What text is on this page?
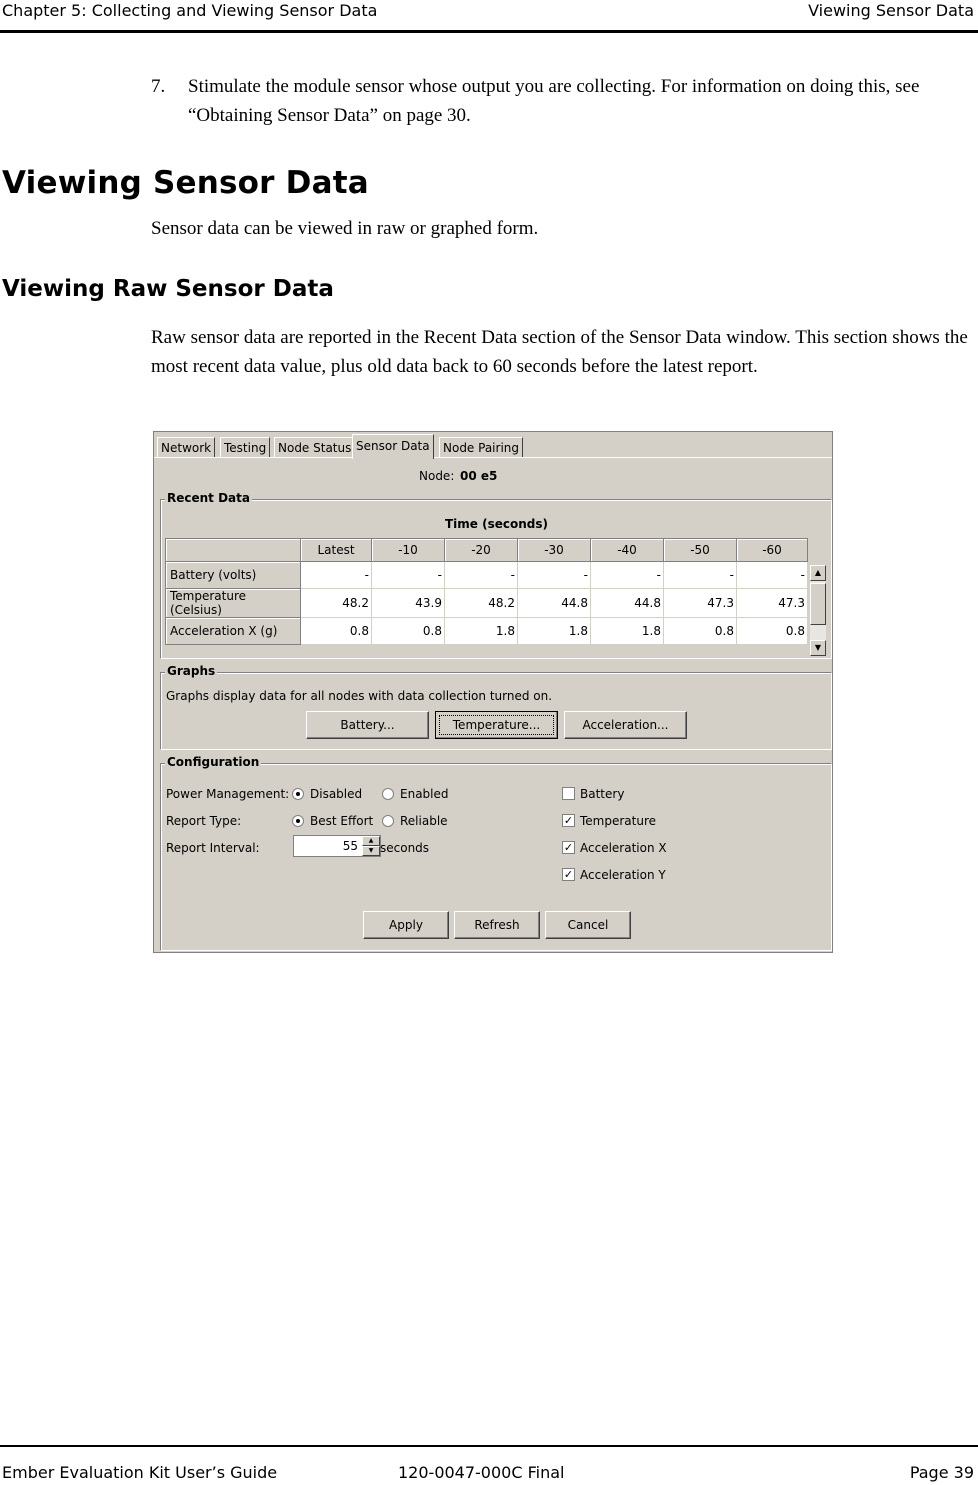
Chapter 5: Collecting and Viewing Sensor Data	Viewing Sensor Data
7. Stimulate the module sensor whose output you are collecting. For information on doing this, see “Obtaining Sensor Data” on page 30.
Viewing Sensor Data
Sensor data can be viewed in raw or graphed form.
Viewing Raw Sensor Data
Raw sensor data are reported in the Recent Data section of the Sensor Data window. This section shows the most recent data value, plus old data back to 60 seconds before the latest report.
Network	Testing Node Status Sensor Data	Node Pairing
Node: 00 e5
Recent Data
Time (seconds)
	Latest	-10	-20	-30	-40	-50	-60
Battery (volts)	-	-	-	-	-	-	-
Temperature (Celsius)	48.2	43.9	48.2	44.8	44.8	47.3	47.3
Acceleration X (g)	0.8	0.8	1.8	1.8	1.8	0.8	0.8
▲
▼
Graphs
Graphs display data for all nodes with data collection turned on.
Battery...	Temperature...	Acceleration...
Configuration
Power Management: Disabled	Enabled
Report Type:	Best Effort Reliable
Report Interval:	55	▲
▼ seconds
Battery
✓ Temperature
✓ Acceleration X
✓ Acceleration Y
Apply	Refresh	Cancel
Ember Evaluation Kit User’s Guide	120-0047-000C Final	Page 39
